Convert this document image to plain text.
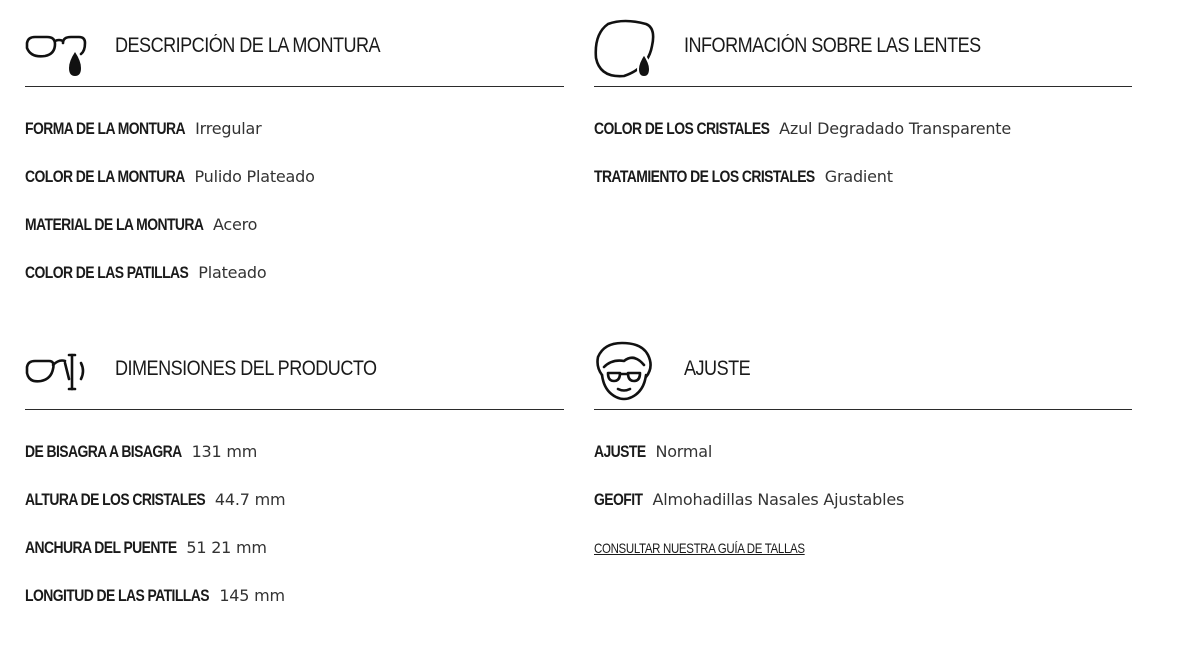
DESCRIPCIÓN DE LA MONTURA
FORMA DE LA MONTURA Irregular
COLOR DE LA MONTURA Pulido Plateado
MATERIAL DE LA MONTURA Acero
COLOR DE LAS PATILLAS Plateado
INFORMACIÓN SOBRE LAS LENTES
COLOR DE LOS CRISTALES Azul Degradado Transparente
TRATAMIENTO DE LOS CRISTALES Gradient
DIMENSIONES DEL PRODUCTO
DE BISAGRA A BISAGRA 131 mm
ALTURA DE LOS CRISTALES 44.7 mm
ANCHURA DEL PUENTE 51 21 mm
LONGITUD DE LAS PATILLAS 145 mm
AJUSTE
AJUSTE Normal
GEOFIT Almohadillas Nasales Ajustables
CONSULTAR NUESTRA GUÍA DE TALLAS
